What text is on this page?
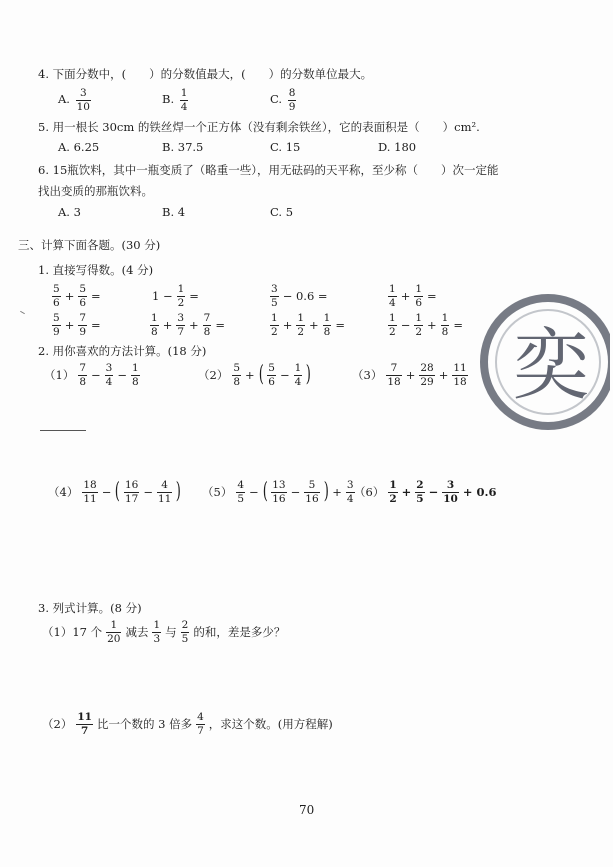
4. 下面分数中，(　　）的分数值最大，(　　）的分数单位最大。
A. $\frac{3}{10}$	B. $\frac{1}{4}$	C. $\frac{8}{9}$
5. 用一根长 30cm 的铁丝焊一个正方体（没有剩余铁丝），它的表面积是（　　）cm².
A. 6.25	B. 37.5	C. 15	D. 180
6. 15瓶饮料，其中一瓶变质了（略重一些），用无砝码的天平称，至少称（　　）次一定能
找出变质的那瓶饮料。
A. 3	B. 4	C. 5
三、计算下面各题。(30 分)
1. 直接写得数。(4 分)
$\frac{5}{6} + \frac{5}{6}$ =	$1 - \frac{1}{2}$ =	$\frac{3}{5} - 0.6$ =	$\frac{1}{4} + \frac{1}{6}$ =
$\frac{5}{9} + \frac{7}{9}$ =	$\frac{1}{8} + \frac{3}{7} + \frac{7}{8}$ =	$\frac{1}{2} + \frac{1}{2} + \frac{1}{8}$ =	$\frac{1}{2} - \frac{1}{2} + \frac{1}{8}$ =
2. 用你喜欢的方法计算。(18 分)
$(1) \frac{7}{8} - \frac{3}{4} - \frac{1}{8}$	$(2) \frac{5}{8}$ + ( $\frac{5}{6} - \frac{1}{4}$ )	$(3) \frac{7}{18} + \frac{28}{29} + \frac{11}{18}$
$(4) \frac{18}{11}$ − ( $\frac{16}{17} - \frac{4}{11}$ ) $(5) \frac{4}{5}$ − ( $\frac{13}{16} - \frac{5}{16}$ ) + $\frac{3}{4} (6) \frac{1}{2} + \frac{2}{5} - \frac{3}{10} + 0.6$
3. 列式计算。(8 分)
（1）17 个 $\frac{1}{20}$ 减去 $\frac{1}{3}$ 与 $\frac{2}{5}$ 的和，差是多少？
$(2) \frac{11}{7}$ 比一个数的 3 倍多 $\frac{4}{7}$ ，求这个数。(用方程解)
70
奕
